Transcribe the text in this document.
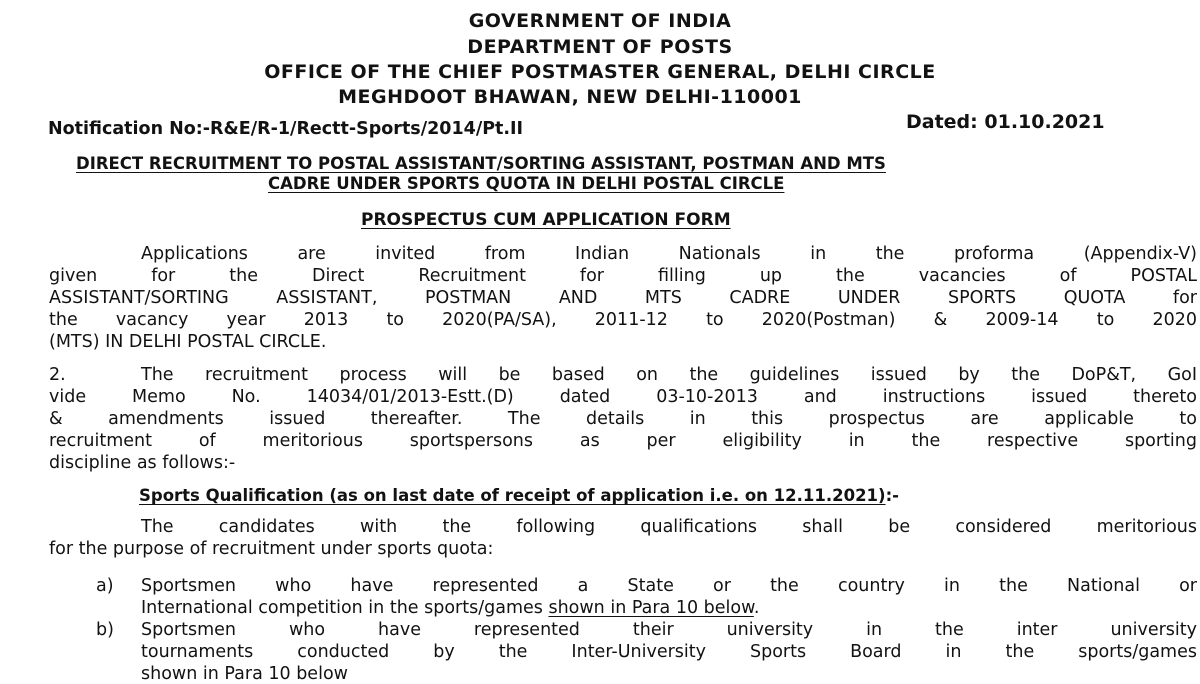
GOVERNMENT OF INDIA
DEPARTMENT OF POSTS
OFFICE OF THE CHIEF POSTMASTER GENERAL, DELHI CIRCLE
MEGHDOOT BHAWAN, NEW DELHI-110001
Notification No:-R&E/R-1/Rectt-Sports/2014/Pt.II	Dated: 01.10.2021
DIRECT RECRUITMENT TO POSTAL ASSISTANT/SORTING ASSISTANT, POSTMAN AND MTS
CADRE UNDER SPORTS QUOTA IN DELHI POSTAL CIRCLE
PROSPECTUS CUM APPLICATION FORM
Applications are invited from Indian Nationals in the proforma (Appendix-V)
given for the Direct Recruitment for filling up the vacancies of POSTAL
ASSISTANT/SORTING ASSISTANT, POSTMAN AND MTS CADRE UNDER SPORTS QUOTA for
the vacancy year 2013 to 2020(PA/SA), 2011-12 to 2020(Postman) & 2009-14 to 2020
(MTS) IN DELHI POSTAL CIRCLE.
2.	The recruitment process will be based on the guidelines issued by the DoP&T, GoI
vide Memo No. 14034/01/2013-Estt.(D) dated 03-10-2013 and instructions issued thereto
& amendments issued thereafter. The details in this prospectus are applicable to
recruitment of meritorious sportspersons as per eligibility in the respective sporting
discipline as follows:-
Sports Qualification (as on last date of receipt of application i.e. on 12.11.2021):-
The candidates with the following qualifications shall be considered meritorious
for the purpose of recruitment under sports quota:
a) Sportsmen who have represented a State or the country in the National or
International competition in the sports/games shown in Para 10 below.
b) Sportsmen who have represented their university in the inter university
tournaments conducted by the Inter-University Sports Board in the sports/games
shown in Para 10 below
